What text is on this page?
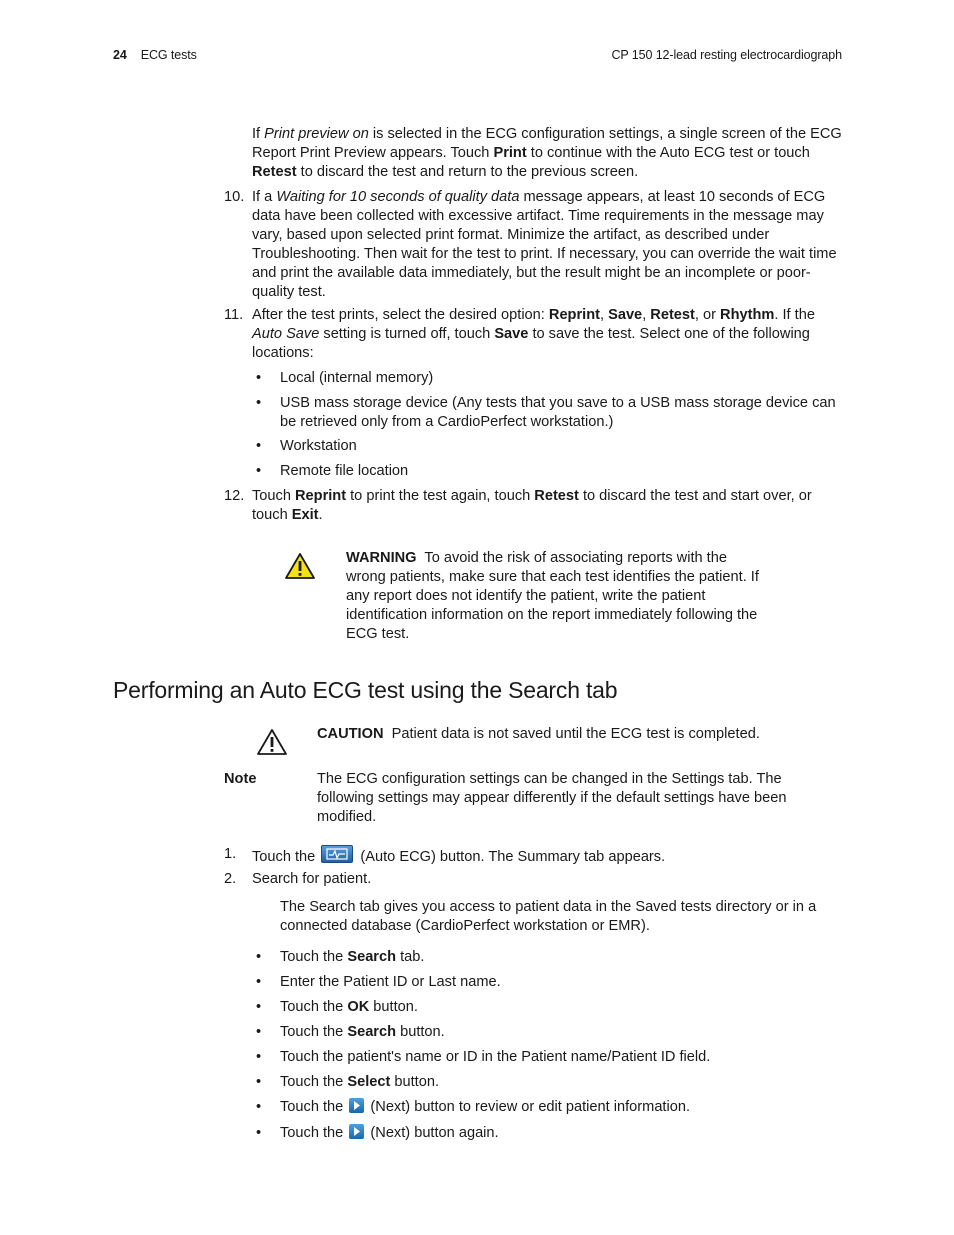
24 ECG tests	CP 150 12-lead resting electrocardiograph
If Print preview on is selected in the ECG configuration settings, a single screen of the ECG Report Print Preview appears. Touch Print to continue with the Auto ECG test or touch Retest to discard the test and return to the previous screen.
10. If a Waiting for 10 seconds of quality data message appears, at least 10 seconds of ECG data have been collected with excessive artifact. Time requirements in the message may vary, based upon selected print format. Minimize the artifact, as described under Troubleshooting. Then wait for the test to print. If necessary, you can override the wait time and print the available data immediately, but the result might be an incomplete or poor-quality test.
11. After the test prints, select the desired option: Reprint, Save, Retest, or Rhythm. If the Auto Save setting is turned off, touch Save to save the test. Select one of the following locations:
• Local (internal memory)
• USB mass storage device (Any tests that you save to a USB mass storage device can be retrieved only from a CardioPerfect workstation.)
• Workstation
• Remote file location
12. Touch Reprint to print the test again, touch Retest to discard the test and start over, or touch Exit.
WARNING To avoid the risk of associating reports with the wrong patients, make sure that each test identifies the patient. If any report does not identify the patient, write the patient identification information on the report immediately following the ECG test.
Performing an Auto ECG test using the Search tab
CAUTION Patient data is not saved until the ECG test is completed.
Note	The ECG configuration settings can be changed in the Settings tab. The following settings may appear differently if the default settings have been modified.
1.	Touch the	(Auto ECG) button. The Summary tab appears.
2.	Search for patient.
The Search tab gives you access to patient data in the Saved tests directory or in a connected database (CardioPerfect workstation or EMR).
• Touch the Search tab.
• Enter the Patient ID or Last name.
• Touch the OK button.
• Touch the Search button.
• Touch the patient's name or ID in the Patient name/Patient ID field.
• Touch the Select button.
• Touch the (Next) button to review or edit patient information.
• Touch the (Next) button again.
